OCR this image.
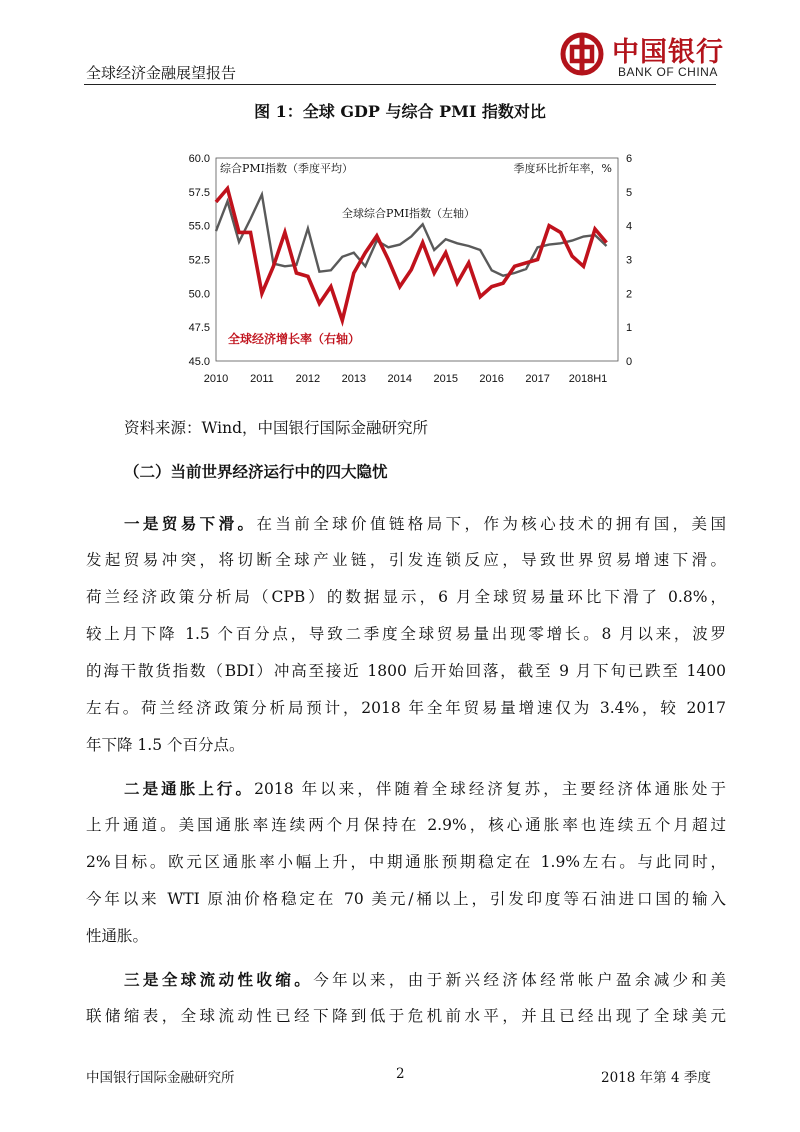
全球经济金融展望报告
中国银行
BANK OF CHINA
图 1：全球 GDP 与综合 PMI 指数对比
60.0
57.5
55.0
52.5
50.0
47.5
45.0
6
5
4
3
2
1
0
2010 2011 2012 2013 2014 2015 2016 2017 2018H1
综合PMI指数（季度平均）	季度环比折年率，%
全球综合PMI指数（左轴）
全球经济增长率（右轴）
资料来源：Wind，中国银行国际金融研究所
（二）当前世界经济运行中的四大隐忧
一是贸易下滑。在当前全球价值链格局下，作为核心技术的拥有国，美国
发起贸易冲突，将切断全球产业链，引发连锁反应，导致世界贸易增速下滑。
荷兰经济政策分析局（CPB）的数据显示，6 月全球贸易量环比下滑了 0.8%，
较上月下降 1.5 个百分点，导致二季度全球贸易量出现零增长。8 月以来，波罗
的海干散货指数（BDI）冲高至接近 1800 后开始回落，截至 9 月下旬已跌至 1400
左右。荷兰经济政策分析局预计，2018 年全年贸易量增速仅为 3.4%，较 2017
年下降 1.5 个百分点。
二是通胀上行。2018 年以来，伴随着全球经济复苏，主要经济体通胀处于
上升通道。美国通胀率连续两个月保持在 2.9%，核心通胀率也连续五个月超过
2%目标。欧元区通胀率小幅上升，中期通胀预期稳定在 1.9%左右。与此同时，
今年以来 WTI 原油价格稳定在 70 美元/桶以上，引发印度等石油进口国的输入
性通胀。
三是全球流动性收缩。今年以来，由于新兴经济体经常帐户盈余减少和美
联储缩表，全球流动性已经下降到低于危机前水平，并且已经出现了全球美元
中国银行国际金融研究所	2	2018 年第 4 季度
